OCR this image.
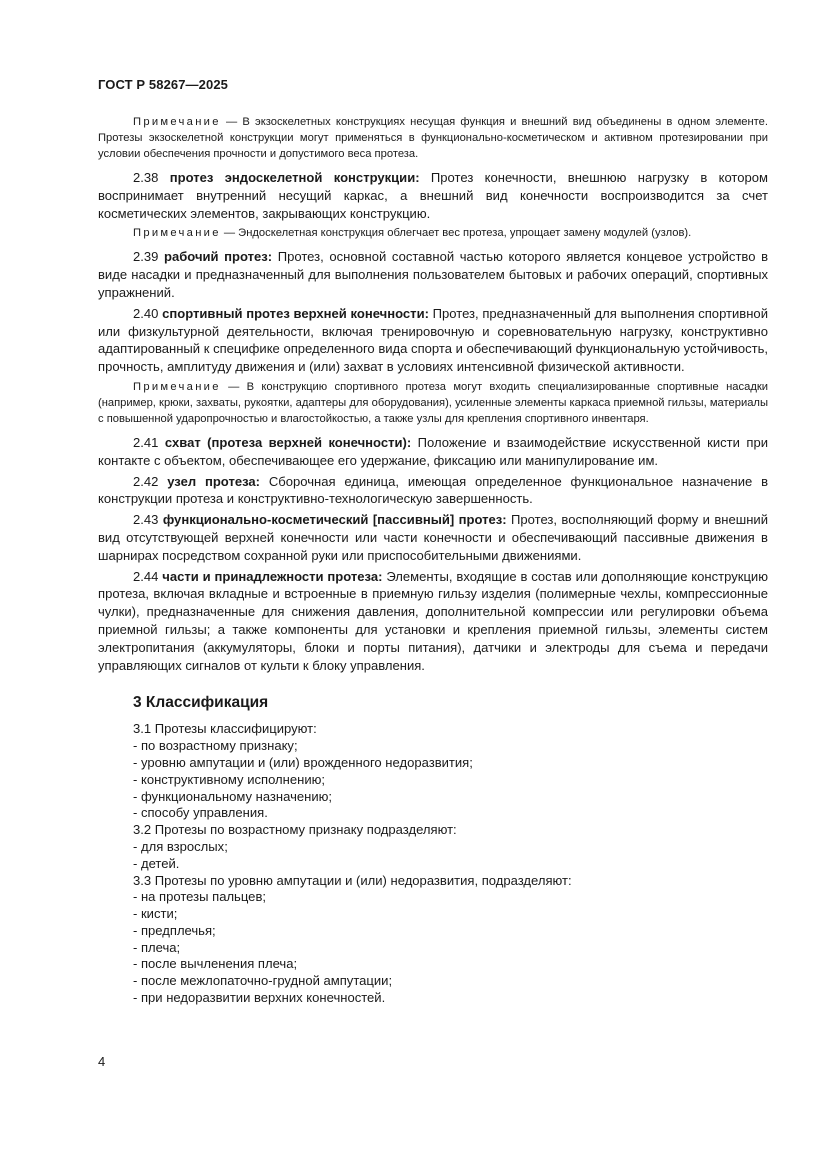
ГОСТ Р 58267—2025

Примечание — В экзоскелетных конструкциях несущая функция и внешний вид объединены в одном элементе. Протезы экзоскелетной конструкции могут применяться в функционально-косметическом и активном протезировании при условии обеспечения прочности и допустимого веса протеза.

2.38 протез эндоскелетной конструкции: Протез конечности, внешнюю нагрузку в котором воспринимает внутренний несущий каркас, а внешний вид конечности воспроизводится за счет косметических элементов, закрывающих конструкцию.

Примечание — Эндоскелетная конструкция облегчает вес протеза, упрощает замену модулей (узлов).

2.39 рабочий протез: Протез, основной составной частью которого является концевое устройство в виде насадки и предназначенный для выполнения пользователем бытовых и рабочих операций, спортивных упражнений.

2.40 спортивный протез верхней конечности: Протез, предназначенный для выполнения спортивной или физкультурной деятельности, включая тренировочную и соревновательную нагрузку, конструктивно адаптированный к специфике определенного вида спорта и обеспечивающий функциональную устойчивость, прочность, амплитуду движения и (или) захват в условиях интенсивной физической активности.

Примечание — В конструкцию спортивного протеза могут входить специализированные спортивные насадки (например, крюки, захваты, рукоятки, адаптеры для оборудования), усиленные элементы каркаса приемной гильзы, материалы с повышенной ударопрочностью и влагостойкостью, а также узлы для крепления спортивного инвентаря.

2.41 схват (протеза верхней конечности): Положение и взаимодействие искусственной кисти при контакте с объектом, обеспечивающее его удержание, фиксацию или манипулирование им.

2.42 узел протеза: Сборочная единица, имеющая определенное функциональное назначение в конструкции протеза и конструктивно-технологическую завершенность.

2.43 функционально-косметический [пассивный] протез: Протез, восполняющий форму и внешний вид отсутствующей верхней конечности или части конечности и обеспечивающий пассивные движения в шарнирах посредством сохранной руки или приспособительными движениями.

2.44 части и принадлежности протеза: Элементы, входящие в состав или дополняющие конструкцию протеза, включая вкладные и встроенные в приемную гильзу изделия (полимерные чехлы, компрессионные чулки), предназначенные для снижения давления, дополнительной компрессии или регулировки объема приемной гильзы; а также компоненты для установки и крепления приемной гильзы, элементы систем электропитания (аккумуляторы, блоки и порты питания), датчики и электроды для съема и передачи управляющих сигналов от культи к блоку управления.

3 Классификация

3.1 Протезы классифицируют:

- по возрастному признаку;

- уровню ампутации и (или) врожденного недоразвития;

- конструктивному исполнению;

- функциональному назначению;

- способу управления.

3.2 Протезы по возрастному признаку подразделяют:

- для взрослых;

- детей.

3.3 Протезы по уровню ампутации и (или) недоразвития, подразделяют:

- на протезы пальцев;

- кисти;

- предплечья;

- плеча;

- после вычленения плеча;

- после межлопаточно-грудной ампутации;

- при недоразвитии верхних конечностей.

4
